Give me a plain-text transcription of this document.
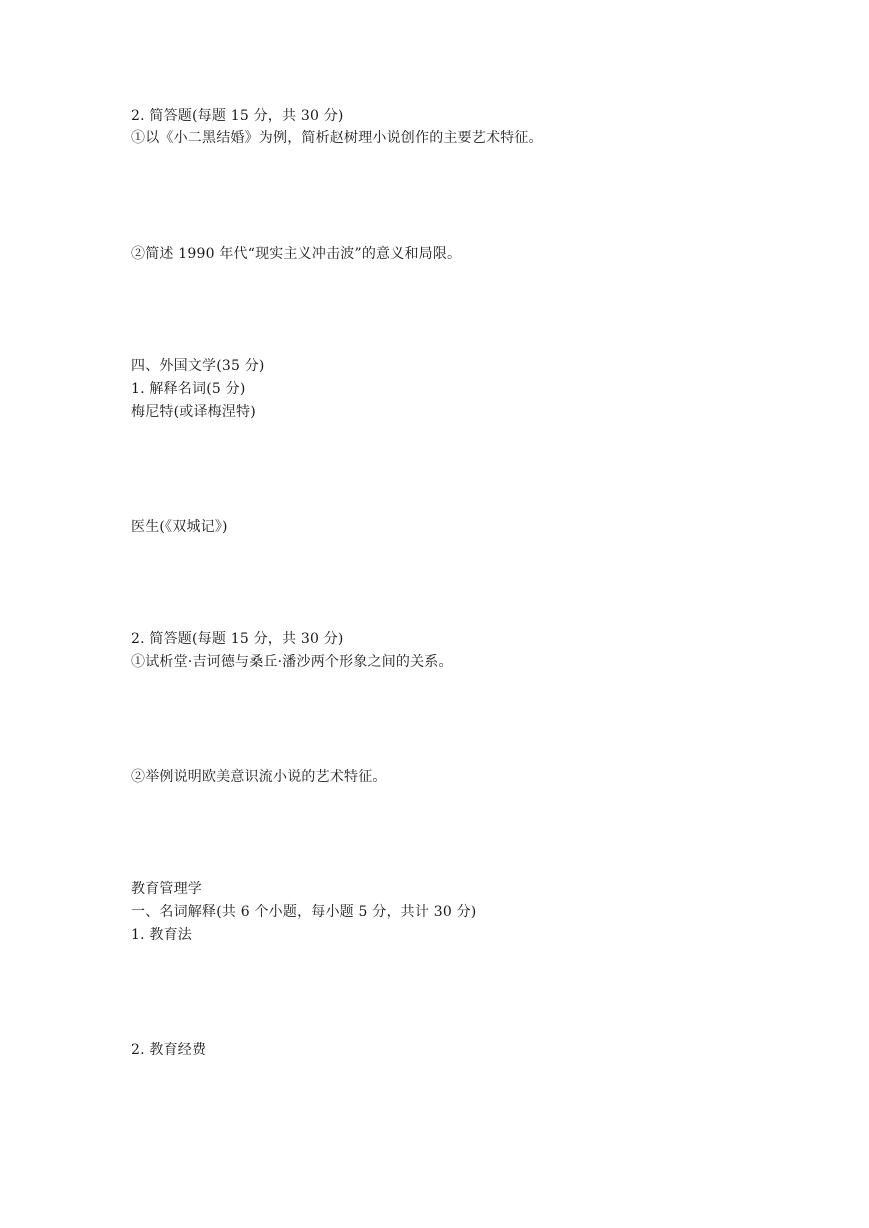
2. 简答题(每题 15 分，共 30 分)
①以《小二黑结婚》为例，简析赵树理小说创作的主要艺术特征。
②简述 1990 年代“现实主义冲击波”的意义和局限。
四、外国文学(35 分)
1. 解释名词(5 分)
梅尼特(或译梅涅特)
医生(《双城记》)
2. 简答题(每题 15 分，共 30 分)
①试析堂·吉诃德与桑丘·潘沙两个形象之间的关系。
②举例说明欧美意识流小说的艺术特征。
教育管理学
一、名词解释(共 6 个小题，每小题 5 分，共计 30 分)
1. 教育法
2. 教育经费
